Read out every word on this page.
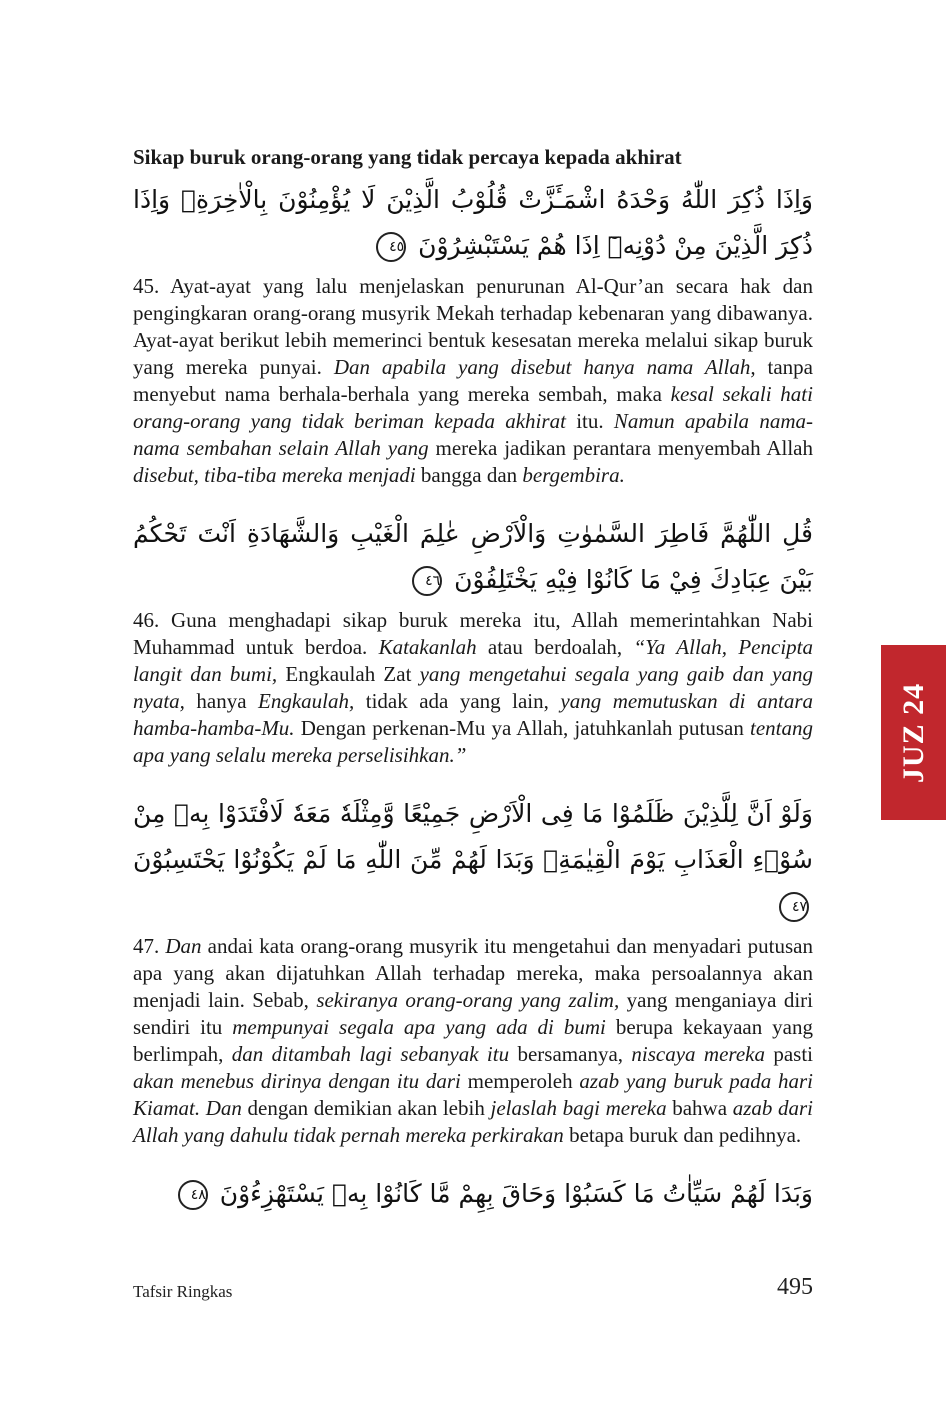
Sikap buruk orang-orang yang tidak percaya kepada akhirat
وَاِذَا ذُكِرَ اللّٰهُ وَحْدَهُ اشْمَـَٔزَّتْ قُلُوْبُ الَّذِيْنَ لَا يُؤْمِنُوْنَ بِالْاٰخِرَةِۚ وَاِذَا ذُكِرَ الَّذِيْنَ مِنْ دُوْنِهٖٓ اِذَا هُمْ يَسْتَبْشِرُوْنَ ٤٥

45. Ayat-ayat yang lalu menjelaskan penurunan Al-Qur’an secara hak dan pengingkaran orang-orang musyrik Mekah terhadap kebenaran yang dibawanya. Ayat-ayat berikut lebih memerinci bentuk kesesatan mereka melalui sikap buruk yang mereka punyai. Dan apabila yang disebut hanya nama Allah, tanpa menyebut nama berhala-berhala yang mereka sembah, maka kesal sekali hati orang-orang yang tidak beriman kepada akhirat itu. Namun apabila nama-nama sembahan selain Allah yang mereka jadikan perantara menyembah Allah disebut, tiba-tiba mereka menjadi bangga dan bergembira.

قُلِ اللّٰهُمَّ فَاطِرَ السَّمٰوٰتِ وَالْاَرْضِ عٰلِمَ الْغَيْبِ وَالشَّهَادَةِ اَنْتَ تَحْكُمُ بَيْنَ عِبَادِكَ فِيْ مَا كَانُوْا فِيْهِ يَخْتَلِفُوْنَ ٤٦

46. Guna menghadapi sikap buruk mereka itu, Allah memerintahkan Nabi Muhammad untuk berdoa. Katakanlah atau berdoalah, “Ya Allah, Pencipta langit dan bumi, Engkaulah Zat yang mengetahui segala yang gaib dan yang nyata, hanya Engkaulah, tidak ada yang lain, yang memutuskan di antara hamba-hamba-Mu. Dengan perkenan-Mu ya Allah, jatuhkanlah putusan tentang apa yang selalu mereka perselisihkan.”

وَلَوْ اَنَّ لِلَّذِيْنَ ظَلَمُوْا مَا فِى الْاَرْضِ جَمِيْعًا وَّمِثْلَهٗ مَعَهٗ لَافْتَدَوْا بِهٖ مِنْ سُوْۤءِ الْعَذَابِ يَوْمَ الْقِيٰمَةِۗ وَبَدَا لَهُمْ مِّنَ اللّٰهِ مَا لَمْ يَكُوْنُوْا يَحْتَسِبُوْنَ ٤٧

47. Dan andai kata orang-orang musyrik itu mengetahui dan menyadari putusan apa yang akan dijatuhkan Allah terhadap mereka, maka persoalannya akan menjadi lain. Sebab, sekiranya orang-orang yang zalim, yang menganiaya diri sendiri itu mempunyai segala apa yang ada di bumi berupa kekayaan yang berlimpah, dan ditambah lagi sebanyak itu bersamanya, niscaya mereka pasti akan menebus dirinya dengan itu dari memperoleh azab yang buruk pada hari Kiamat. Dan dengan demikian akan lebih jelaslah bagi mereka bahwa azab dari Allah yang dahulu tidak pernah mereka perkirakan betapa buruk dan pedihnya.

وَبَدَا لَهُمْ سَيِّاٰتُ مَا كَسَبُوْا وَحَاقَ بِهِمْ مَّا كَانُوْا بِهٖ يَسْتَهْزِءُوْنَ ٤٨
JUZ 24
Tafsir Ringkas	495
